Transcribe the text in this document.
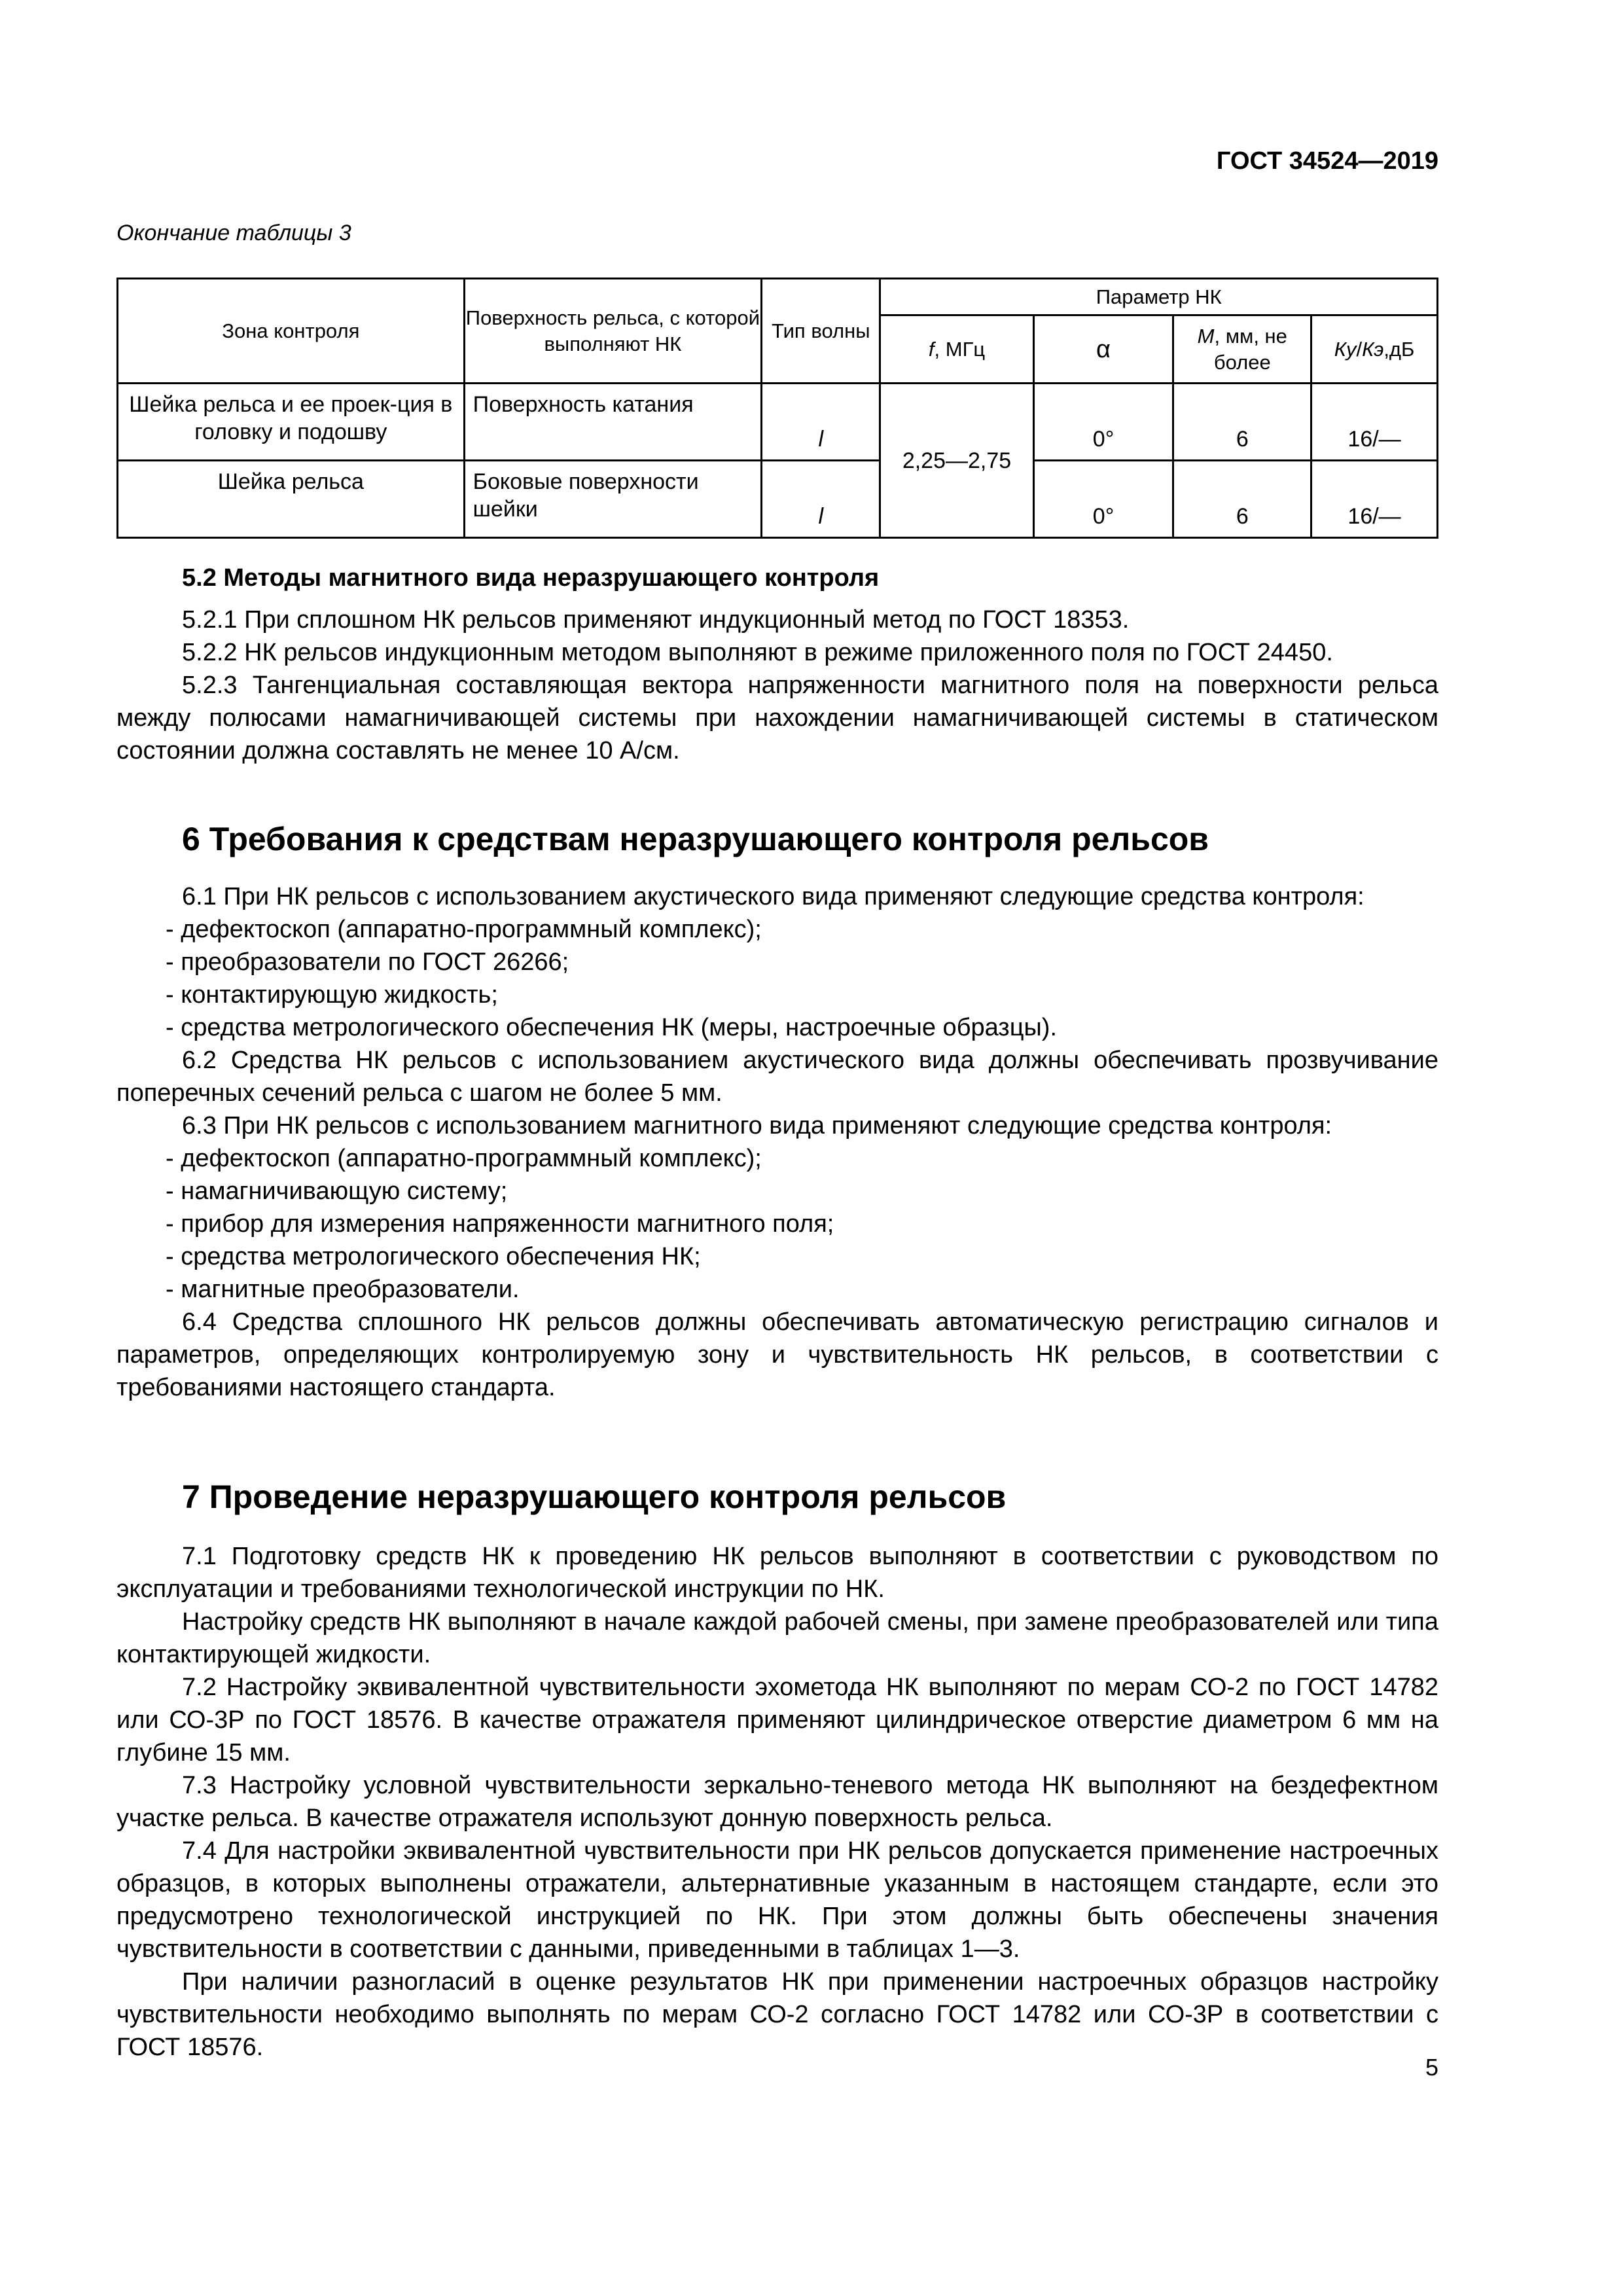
ГОСТ 34524—2019
Окончание таблицы 3
Зона контроля	Поверхность рельса, с которой выполняют НК	Тип волны	Параметр НК			
			f, МГц	α	M, мм, не более	Кy/Кэ,дБ
Шейка рельса и ее проек-ция в головку и подошву	Поверхность катания	l	2,25—2,75	0°	6	16/—
Шейка рельса	Боковые поверхности шейки	l		0°	6	16/—

5.2 Методы магнитного вида неразрушающего контроля

5.2.1 При сплошном НК рельсов применяют индукционный метод по ГОСТ 18353.

5.2.2 НК рельсов индукционным методом выполняют в режиме приложенного поля по ГОСТ 24450.

5.2.3 Тангенциальная составляющая вектора напряженности магнитного поля на поверхности рельса между полюсами намагничивающей системы при нахождении намагничивающей системы в статическом состоянии должна составлять не менее 10 А/см.

6 Требования к средствам неразрушающего контроля рельсов

6.1 При НК рельсов с использованием акустического вида применяют следующие средства контроля:

- дефектоскоп (аппаратно-программный комплекс);
- преобразователи по ГОСТ 26266;
- контактирующую жидкость;
- средства метрологического обеспечения НК (меры, настроечные образцы).

6.2 Средства НК рельсов с использованием акустического вида должны обеспечивать прозвучивание поперечных сечений рельса с шагом не более 5 мм.

6.3 При НК рельсов с использованием магнитного вида применяют следующие средства контроля:

- дефектоскоп (аппаратно-программный комплекс);
- намагничивающую систему;
- прибор для измерения напряженности магнитного поля;
- средства метрологического обеспечения НК;
- магнитные преобразователи.

6.4 Средства сплошного НК рельсов должны обеспечивать автоматическую регистрацию сигналов и параметров, определяющих контролируемую зону и чувствительность НК рельсов, в соответствии с требованиями настоящего стандарта.

7 Проведение неразрушающего контроля рельсов

7.1 Подготовку средств НК к проведению НК рельсов выполняют в соответствии с руководством по эксплуатации и требованиями технологической инструкции по НК.

Настройку средств НК выполняют в начале каждой рабочей смены, при замене преобразователей или типа контактирующей жидкости.

7.2 Настройку эквивалентной чувствительности эхометода НК выполняют по мерам СО-2 по ГОСТ 14782 или СО-3Р по ГОСТ 18576. В качестве отражателя применяют цилиндрическое отверстие диаметром 6 мм на глубине 15 мм.

7.3 Настройку условной чувствительности зеркально-теневого метода НК выполняют на бездефектном участке рельса. В качестве отражателя используют донную поверхность рельса.

7.4 Для настройки эквивалентной чувствительности при НК рельсов допускается применение настроечных образцов, в которых выполнены отражатели, альтернативные указанным в настоящем стандарте, если это предусмотрено технологической инструкцией по НК. При этом должны быть обеспечены значения чувствительности в соответствии с данными, приведенными в таблицах 1—3.

При наличии разногласий в оценке результатов НК при применении настроечных образцов настройку чувствительности необходимо выполнять по мерам СО-2 согласно ГОСТ 14782 или СО-3Р в соответствии с ГОСТ 18576.

5
